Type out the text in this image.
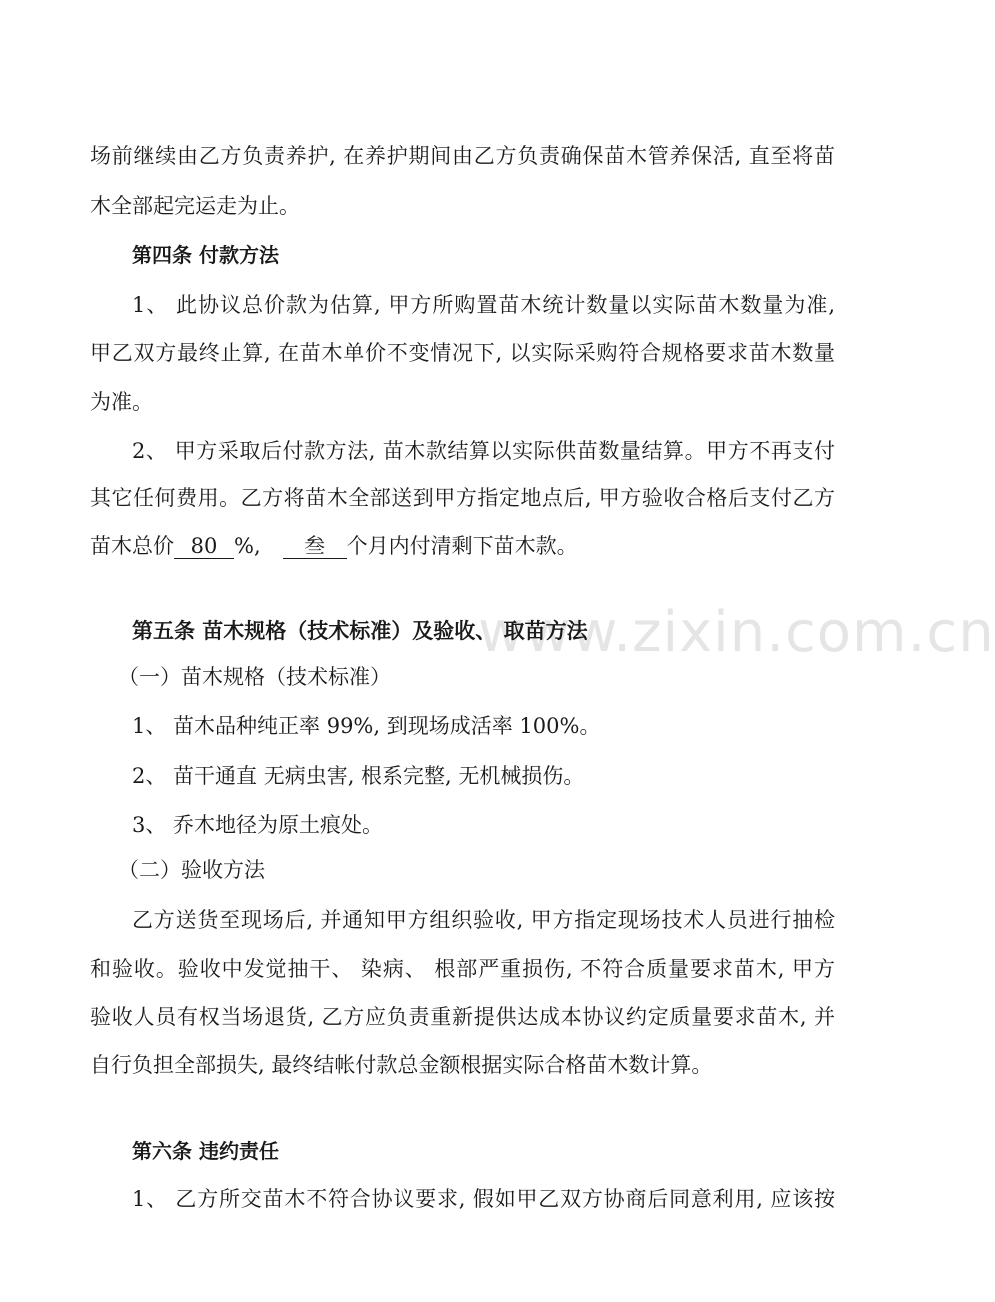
www.zixin.com.cn
场前继续由乙方负责养护, 在养护期间由乙方负责确保苗木管养保活, 直至将苗
木全部起完运走为止。
第四条 付款方法
1、 此协议总价款为估算, 甲方所购置苗木统计数量以实际苗木数量为准,
甲乙双方最终止算, 在苗木单价不变情况下, 以实际采购符合规格要求苗木数量
为准。
2、 甲方采取后付款方法, 苗木款结算以实际供苗数量结算。甲方不再支付
其它任何费用。乙方将苗木全部送到甲方指定地点后, 甲方验收合格后支付乙方
苗木总价 80 %, 叁 个月内付清剩下苗木款。
第五条 苗木规格（技术标准）及验收、 取苗方法
（一）苗木规格（技术标准）
1、 苗木品种纯正率 99%, 到现场成活率 100%。
2、 苗干通直 无病虫害, 根系完整, 无机械损伤。
3、 乔木地径为原土痕处。
（二）验收方法
乙方送货至现场后, 并通知甲方组织验收, 甲方指定现场技术人员进行抽检
和验收。验收中发觉抽干、 染病、 根部严重损伤, 不符合质量要求苗木, 甲方
验收人员有权当场退货, 乙方应负责重新提供达成本协议约定质量要求苗木, 并
自行负担全部损失, 最终结帐付款总金额根据实际合格苗木数计算。
第六条 违约责任
1、 乙方所交苗木不符合协议要求, 假如甲乙双方协商后同意利用, 应该按
